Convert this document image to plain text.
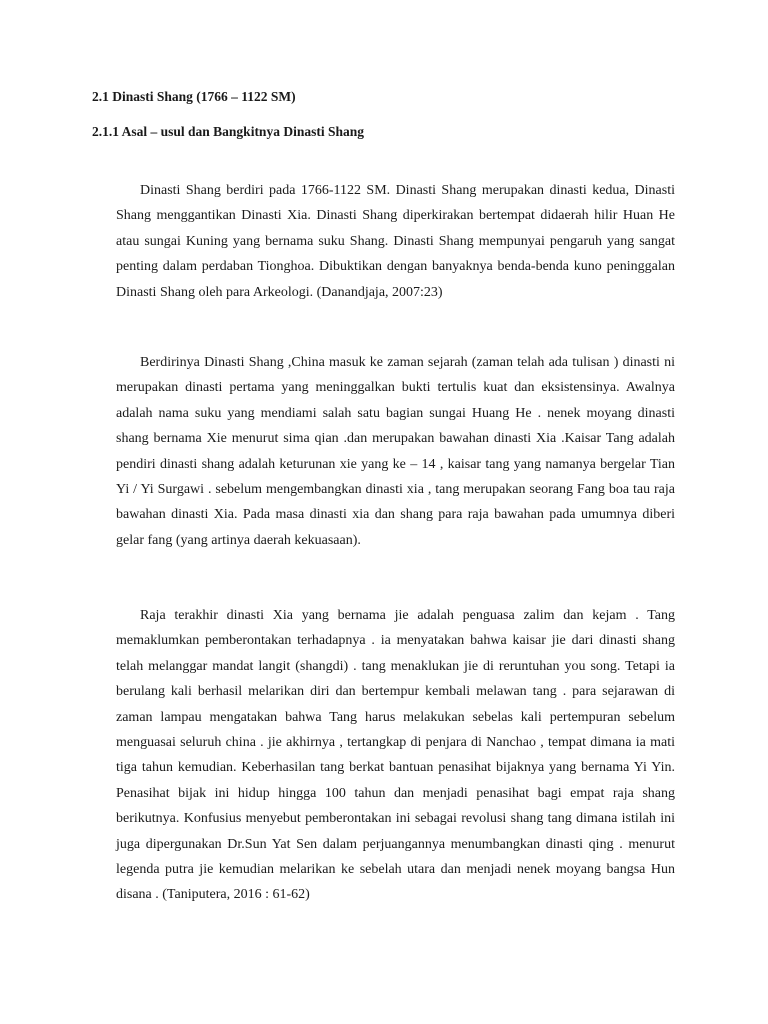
2.1 Dinasti Shang (1766 – 1122 SM)
2.1.1 Asal – usul dan Bangkitnya Dinasti Shang

Dinasti Shang berdiri pada 1766-1122 SM. Dinasti Shang merupakan dinasti kedua, Dinasti Shang menggantikan Dinasti Xia. Dinasti Shang diperkirakan bertempat didaerah hilir Huan He atau sungai Kuning yang bernama suku Shang. Dinasti Shang mempunyai pengaruh yang sangat penting dalam perdaban Tionghoa. Dibuktikan dengan banyaknya benda-benda kuno peninggalan Dinasti Shang oleh para Arkeologi. (Danandjaja, 2007:23)

Berdirinya Dinasti Shang ,China masuk ke zaman sejarah (zaman telah ada tulisan ) dinasti ni merupakan dinasti pertama yang meninggalkan bukti tertulis kuat dan eksistensinya. Awalnya adalah nama suku yang mendiami salah satu bagian sungai Huang He . nenek moyang dinasti shang bernama Xie menurut sima qian .dan merupakan bawahan dinasti Xia .Kaisar Tang adalah pendiri dinasti shang adalah keturunan xie yang ke – 14 , kaisar tang yang namanya bergelar Tian Yi / Yi Surgawi . sebelum mengembangkan dinasti xia , tang merupakan seorang Fang boa tau raja bawahan dinasti Xia. Pada masa dinasti xia dan shang para raja bawahan pada umumnya diberi gelar fang (yang artinya daerah kekuasaan).

Raja terakhir dinasti Xia yang bernama jie adalah penguasa zalim dan kejam . Tang memaklumkan pemberontakan terhadapnya . ia menyatakan bahwa kaisar jie dari dinasti shang telah melanggar mandat langit (shangdi) . tang menaklukan jie di reruntuhan you song. Tetapi ia berulang kali berhasil melarikan diri dan bertempur kembali melawan tang . para sejarawan di zaman lampau mengatakan bahwa Tang harus melakukan sebelas kali pertempuran sebelum menguasai seluruh china . jie akhirnya , tertangkap di penjara di Nanchao , tempat dimana ia mati tiga tahun kemudian. Keberhasilan tang berkat bantuan penasihat bijaknya yang bernama Yi Yin. Penasihat bijak ini hidup hingga 100 tahun dan menjadi penasihat bagi empat raja shang berikutnya. Konfusius menyebut pemberontakan ini sebagai revolusi shang tang dimana istilah ini juga dipergunakan Dr.Sun Yat Sen dalam perjuangannya menumbangkan dinasti qing . menurut legenda putra jie kemudian melarikan ke sebelah utara dan menjadi nenek moyang bangsa Hun disana . (Taniputera, 2016 : 61-62)
